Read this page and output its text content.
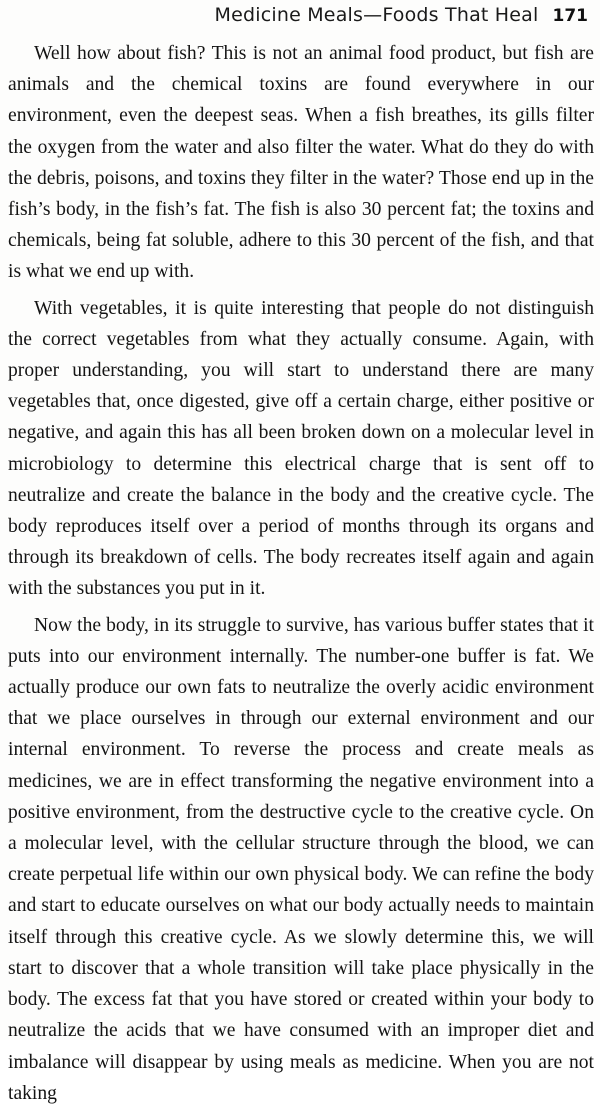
Medicine Meals—Foods That Heal 171

Well how about fish? This is not an animal food product, but fish are animals and the chemical toxins are found everywhere in our environment, even the deepest seas. When a fish breathes, its gills filter the oxygen from the water and also filter the water. What do they do with the debris, poisons, and toxins they filter in the water? Those end up in the fish’s body, in the fish’s fat. The fish is also 30 percent fat; the toxins and chemicals, being fat soluble, adhere to this 30 percent of the fish, and that is what we end up with.

With vegetables, it is quite interesting that people do not distinguish the correct vegetables from what they actually consume. Again, with proper understanding, you will start to understand there are many vegetables that, once digested, give off a certain charge, either positive or negative, and again this has all been broken down on a molecular level in microbiology to determine this electrical charge that is sent off to neutralize and create the balance in the body and the creative cycle. The body reproduces itself over a period of months through its organs and through its breakdown of cells. The body recreates itself again and again with the substances you put in it.

Now the body, in its struggle to survive, has various buffer states that it puts into our environment internally. The number-one buffer is fat. We actually produce our own fats to neutralize the overly acidic environment that we place ourselves in through our external environment and our internal environment. To reverse the process and create meals as medicines, we are in effect transforming the negative environment into a positive environment, from the destructive cycle to the creative cycle. On a molecular level, with the cellular structure through the blood, we can create perpetual life within our own physical body. We can refine the body and start to educate ourselves on what our body actually needs to maintain itself through this creative cycle. As we slowly determine this, we will start to discover that a whole transition will take place physically in the body. The excess fat that you have stored or created within your body to neutralize the acids that we have consumed with an improper diet and imbalance will disappear by using meals as medicine. When you are not taking
